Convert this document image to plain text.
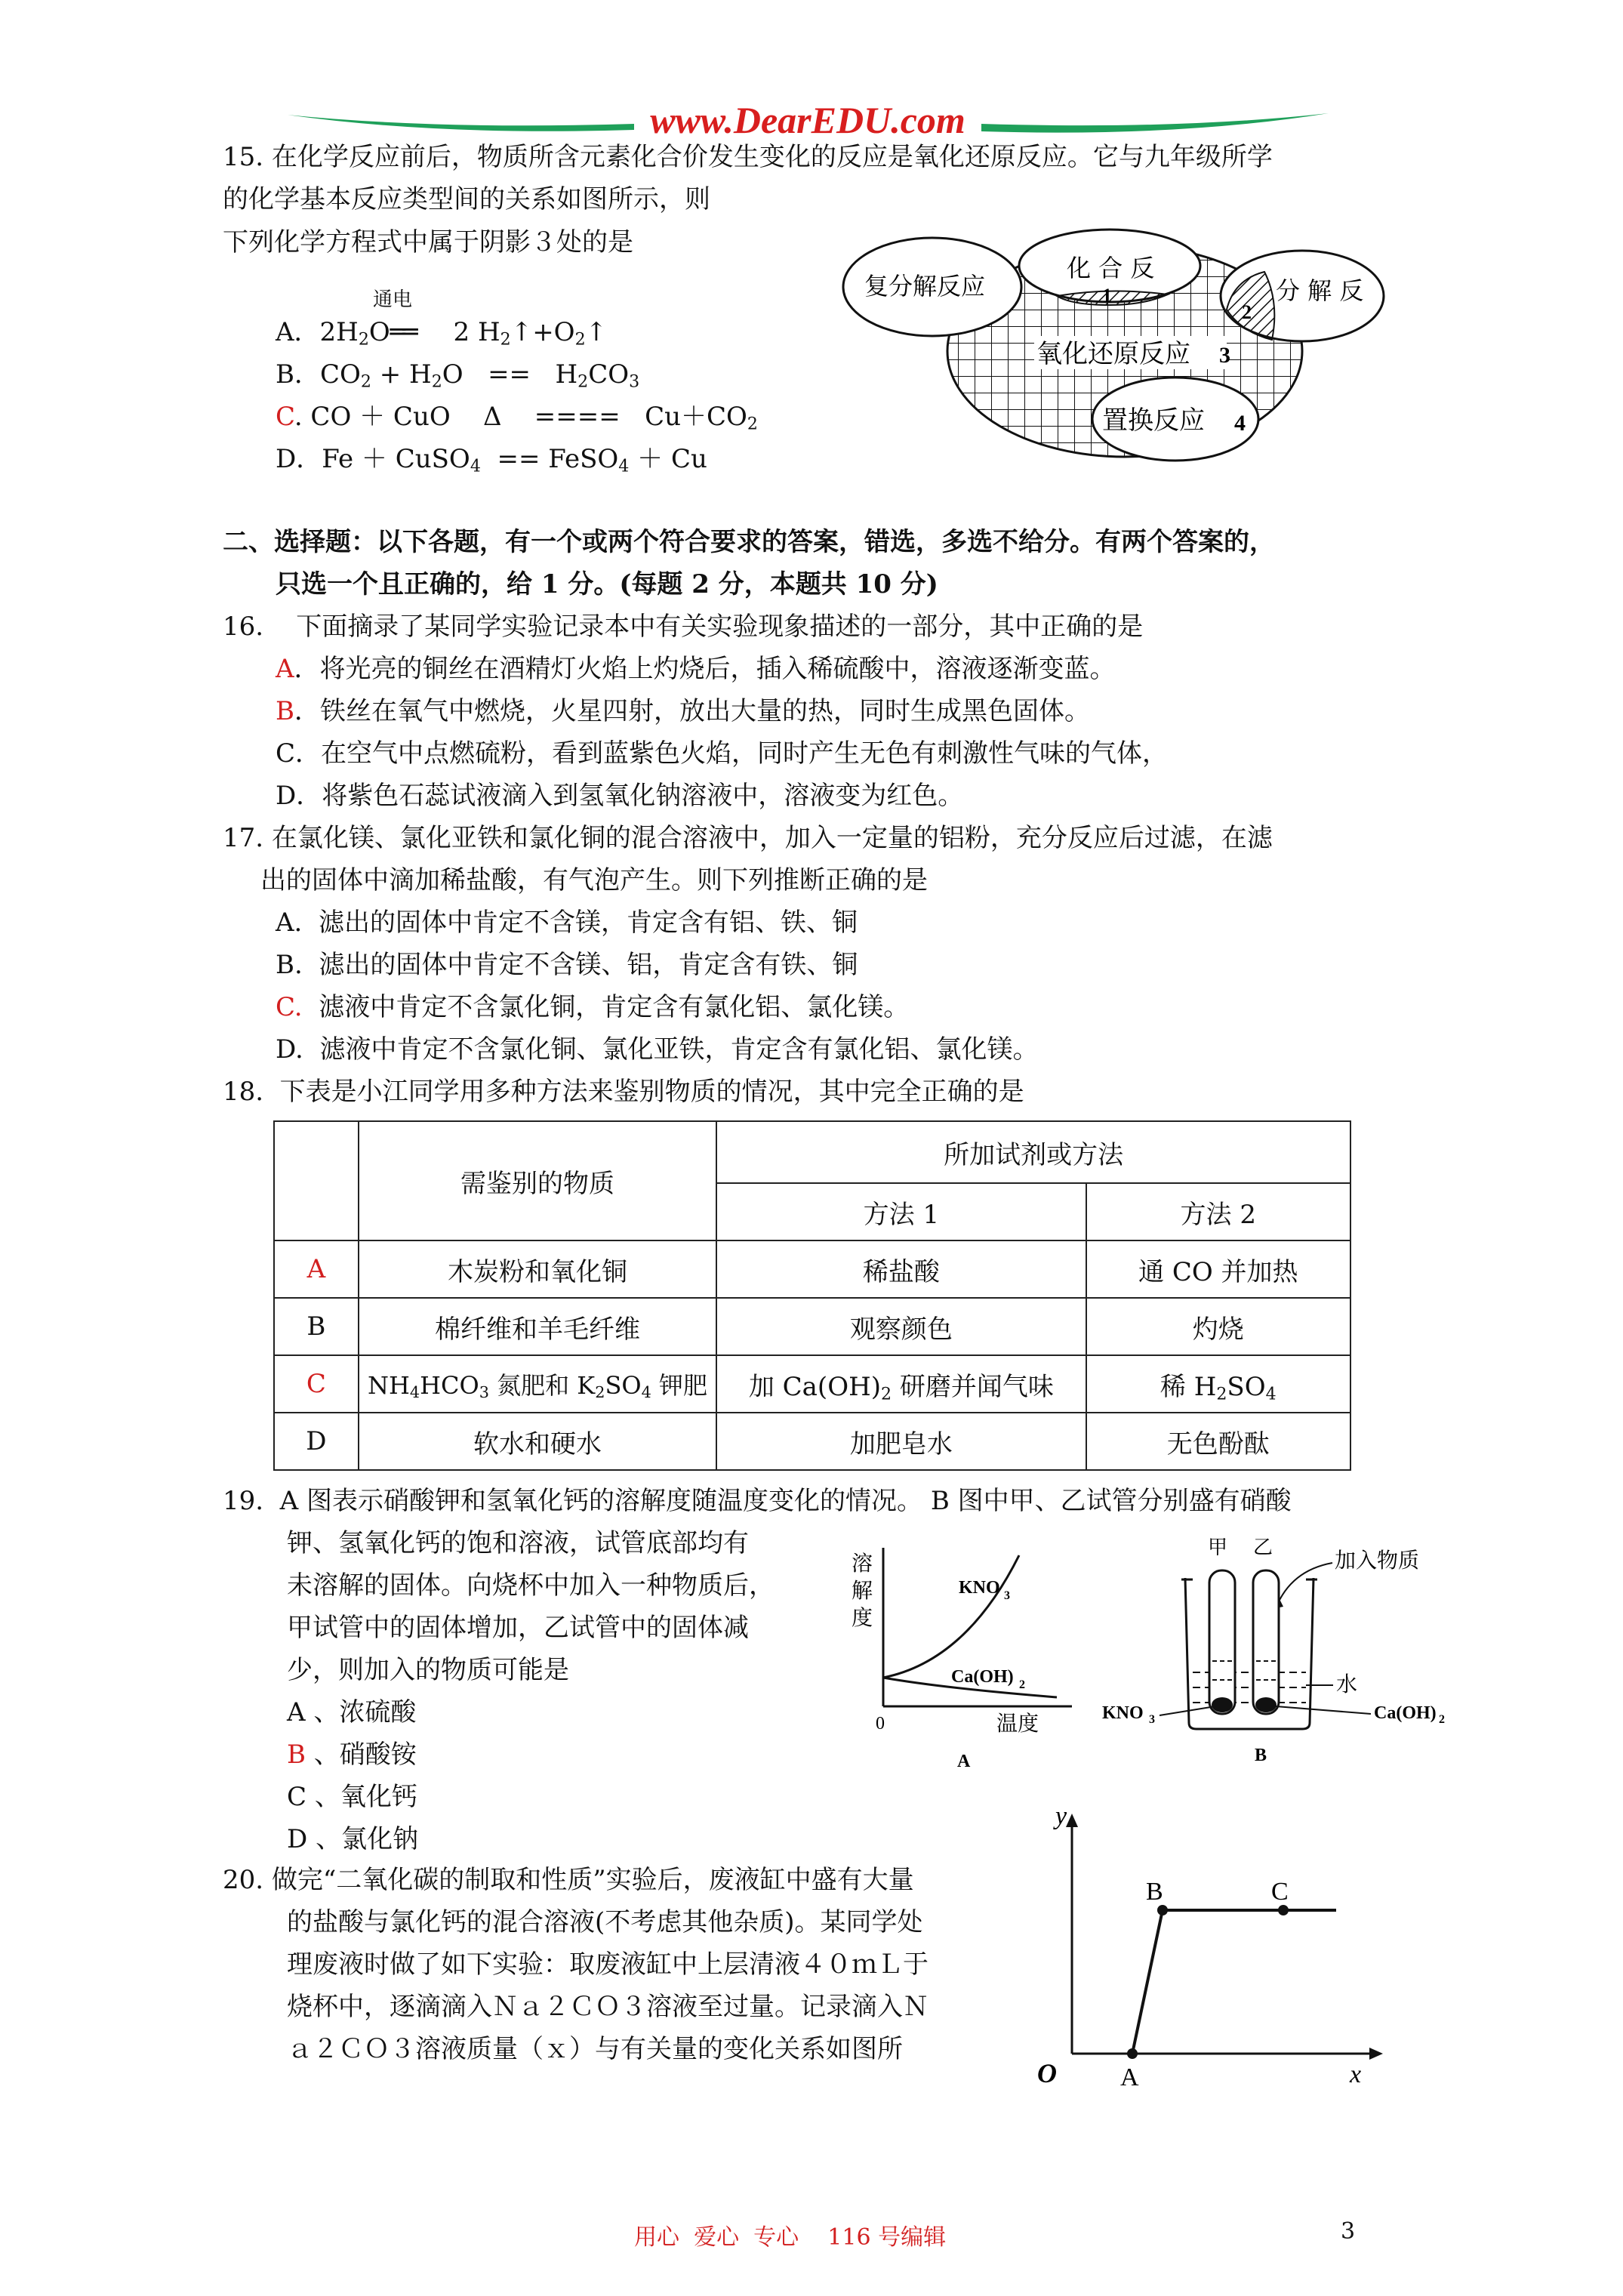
www.DearEDU.com
15. 在化学反应前后，物质所含元素化合价发生变化的反应是氧化还原反应。它与九年级所学
的化学基本反应类型间的关系如图所示，则
下列化学方程式中属于阴影３处的是
通电
A．$2H_2O══$ 2 $H_2↑+O_2↑$
B．$CO_2 + H_2O == H_2CO_3$
C. CO ＋ CuO    Δ    ====   $Cu+CO_2$
D．Fe ＋ CuSO$_4$  == FeSO$_4$ ＋ Cu
复分解反应
化 合 反
分 解 反
1
2
氧化还原反应 3
置换反应 4
二、选择题：以下各题，有一个或两个符合要求的答案，错选，多选不给分。有两个答案的，
只选一个且正确的，给 1 分。(每题 2 分，本题共 10 分)
16.    下面摘录了某同学实验记录本中有关实验现象描述的一部分，其中正确的是
A．将光亮的铜丝在酒精灯火焰上灼烧后，插入稀硫酸中，溶液逐渐变蓝。
B．铁丝在氧气中燃烧，火星四射，放出大量的热，同时生成黑色固体。
C．在空气中点燃硫粉，看到蓝紫色火焰，同时产生无色有刺激性气味的气体，
D．将紫色石蕊试液滴入到氢氧化钠溶液中，溶液变为红色。
17. 在氯化镁、氯化亚铁和氯化铜的混合溶液中，加入一定量的铝粉，充分反应后过滤，在滤
出的固体中滴加稀盐酸，有气泡产生。则下列推断正确的是
A.  滤出的固体中肯定不含镁，肯定含有铝、铁、铜
B.  滤出的固体中肯定不含镁、铝，肯定含有铁、铜
C.  滤液中肯定不含氯化铜，肯定含有氯化铝、氯化镁。
D.  滤液中肯定不含氯化铜、氯化亚铁，肯定含有氯化铝、氯化镁。
18.  下表是小江同学用多种方法来鉴别物质的情况，其中完全正确的是
	需鉴别的物质	所加试剂或方法	
		方法 1	方法 2
A	木炭粉和氧化铜	稀盐酸	通 CO 并加热
B	棉纤维和羊毛纤维	观察颜色	灼烧
C	$NH_4HCO_3$ 氮肥和 $K_2SO_4$ 钾肥	加 $Ca(OH)_2$ 研磨并闻气味	稀 $H_2SO_4$
D	软水和硬水	加肥皂水	无色酚酞
19.  A 图表示硝酸钾和氢氧化钙的溶解度随温度变化的情况。 B 图中甲、乙试管分别盛有硝酸
钾、氢氧化钙的饱和溶液，试管底部均有
未溶解的固体。向烧杯中加入一种物质后，
甲试管中的固体增加，乙试管中的固体减
少，则加入的物质可能是
A 、浓硫酸
B 、硝酸铵
C 、氧化钙
D 、氯化钠
溶
解
度
KNO 3
Ca(OH) 2
0	温度
A
甲 乙	加入物质
水
KNO 3	Ca(OH) 2
B
20. 做完“二氧化碳的制取和性质”实验后，废液缸中盛有大量
的盐酸与氯化钙的混合溶液(不考虑其他杂质)。某同学处
理废液时做了如下实验：取废液缸中上层清液４０ｍＬ于
烧杯中，逐滴滴入Ｎａ２ＣＯ３溶液至过量。记录滴入Ｎ
ａ２ＣＯ３溶液质量（ｘ）与有关量的变化关系如图所
y
O A
B	C
x
用心  爱心  专心    116 号编辑	3
